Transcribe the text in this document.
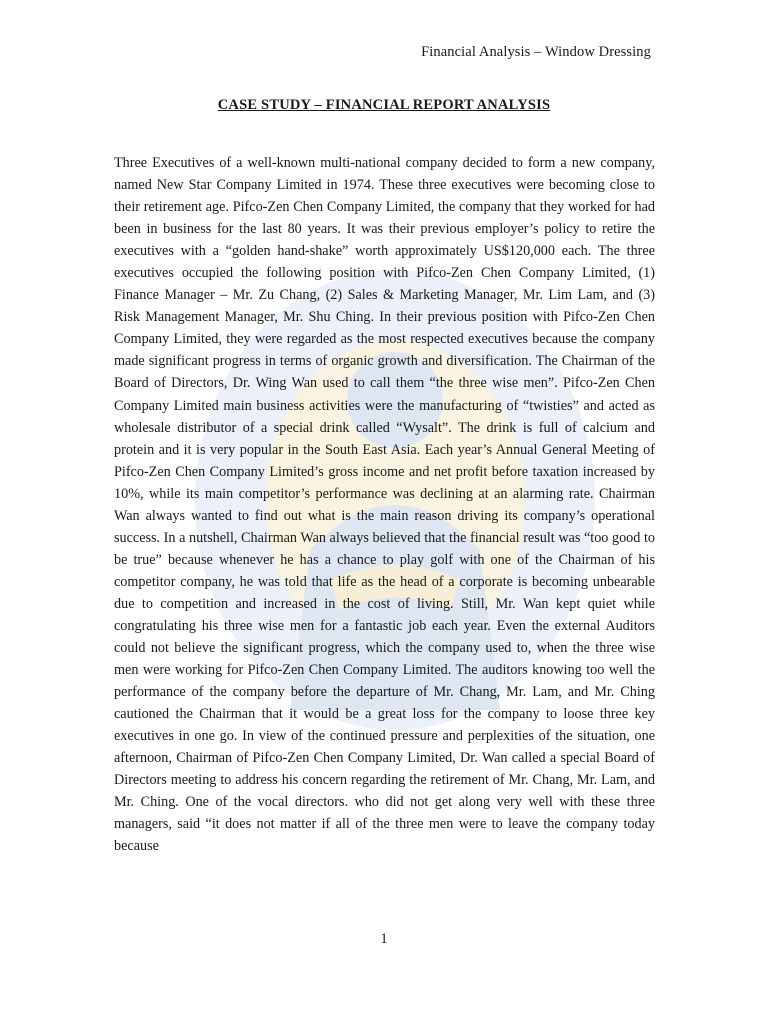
Financial Analysis – Window Dressing
CASE STUDY – FINANCIAL REPORT ANALYSIS

Three Executives of a well-known multi-national company decided to form a new company, named New Star Company Limited in 1974. These three executives were becoming close to their retirement age. Pifco-Zen Chen Company Limited, the company that they worked for had been in business for the last 80 years. It was their previous employer’s policy to retire the executives with a “golden hand-shake” worth approximately US$120,000 each. The three executives occupied the following position with Pifco-Zen Chen Company Limited, (1) Finance Manager – Mr. Zu Chang, (2) Sales & Marketing Manager, Mr. Lim Lam, and (3) Risk Management Manager, Mr. Shu Ching. In their previous position with Pifco-Zen Chen Company Limited, they were regarded as the most respected executives because the company made significant progress in terms of organic growth and diversification. The Chairman of the Board of Directors, Dr. Wing Wan used to call them “the three wise men”. Pifco-Zen Chen Company Limited main business activities were the manufacturing of “twisties” and acted as wholesale distributor of a special drink called “Wysalt”. The drink is full of calcium and protein and it is very popular in the South East Asia. Each year’s Annual General Meeting of Pifco-Zen Chen Company Limited’s gross income and net profit before taxation increased by 10%, while its main competitor’s performance was declining at an alarming rate. Chairman Wan always wanted to find out what is the main reason driving its company’s operational success. In a nutshell, Chairman Wan always believed that the financial result was “too good to be true” because whenever he has a chance to play golf with one of the Chairman of his competitor company, he was told that life as the head of a corporate is becoming unbearable due to competition and increased in the cost of living. Still, Mr. Wan kept quiet while congratulating his three wise men for a fantastic job each year. Even the external Auditors could not believe the significant progress, which the company used to, when the three wise men were working for Pifco-Zen Chen Company Limited. The auditors knowing too well the performance of the company before the departure of Mr. Chang, Mr. Lam, and Mr. Ching cautioned the Chairman that it would be a great loss for the company to loose three key executives in one go. In view of the continued pressure and perplexities of the situation, one afternoon, Chairman of Pifco-Zen Chen Company Limited, Dr. Wan called a special Board of Directors meeting to address his concern regarding the retirement of Mr. Chang, Mr. Lam, and Mr. Ching. One of the vocal directors. who did not get along very well with these three managers, said “it does not matter if all of the three men were to leave the company today because

1
